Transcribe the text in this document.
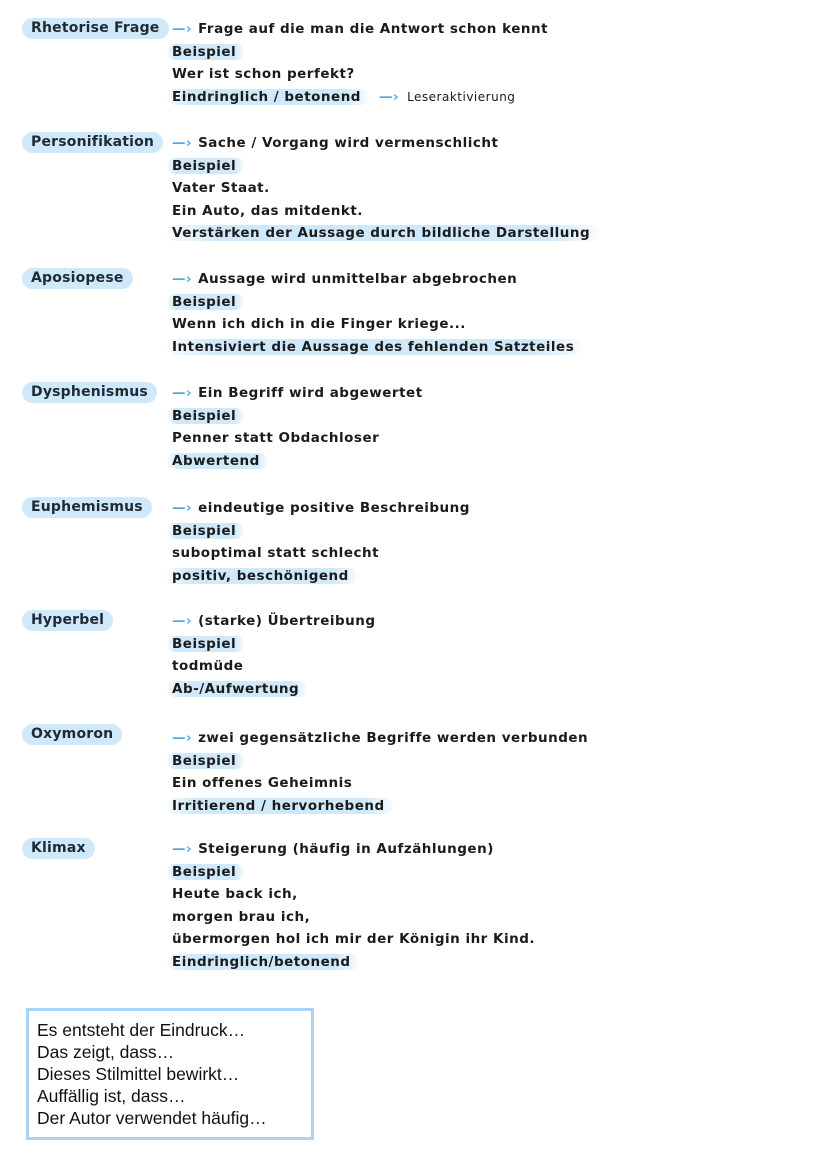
Rhetorise Frage —› Frage auf die man die Antwort schon kennt
Beispiel
Wer ist schon perfekt?
Eindringlich / betonend —› Leseraktivierung
Personifikation	—› Sache / Vorgang wird vermenschlicht
Beispiel
Vater Staat.
Ein Auto, das mitdenkt.
Verstärken der Aussage durch bildliche Darstellung
Aposiopese	—› Aussage wird unmittelbar abgebrochen
Beispiel
Wenn ich dich in die Finger kriege...
Intensiviert die Aussage des fehlenden Satzteiles
Dysphenismus	—› Ein Begriff wird abgewertet
Beispiel
Penner statt Obdachloser
Abwertend
Euphemismus	—› eindeutige positive Beschreibung
Beispiel
suboptimal statt schlecht
positiv, beschönigend
Hyperbel	—› (starke) Übertreibung
Beispiel
todmüde
Ab-/Aufwertung
Oxymoron	—› zwei gegensätzliche Begriffe werden verbunden
Beispiel
Ein offenes Geheimnis
Irritierend / hervorhebend
Klimax	—› Steigerung (häufig in Aufzählungen)
Beispiel
Heute back ich,
morgen brau ich,
übermorgen hol ich mir der Königin ihr Kind.
Eindringlich/betonend
Es entsteht der Eindruck…
Das zeigt, dass…
Dieses Stilmittel bewirkt…
Auffällig ist, dass…
Der Autor verwendet häufig…
